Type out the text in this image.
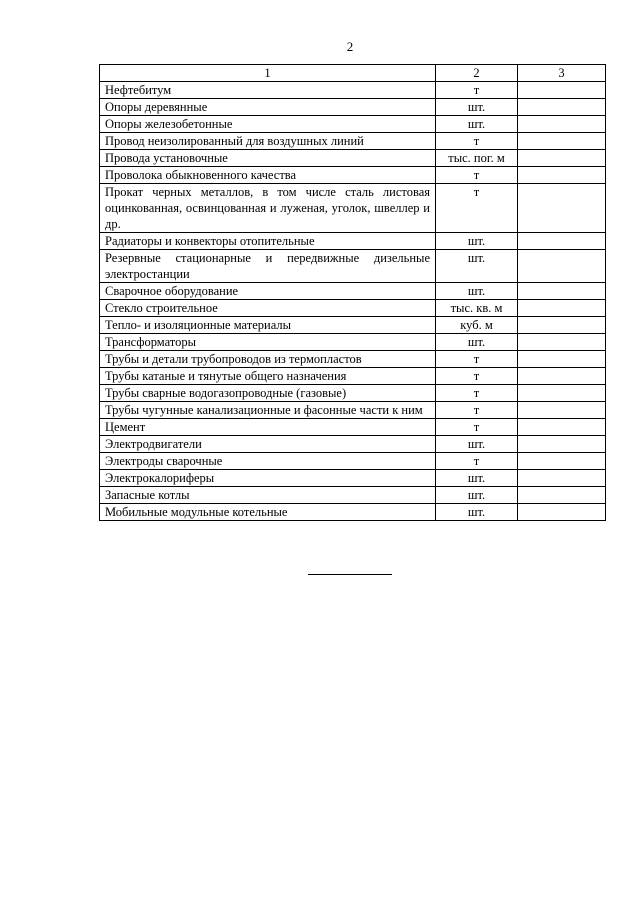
2
1	2	3
Нефтебитум	т	
Опоры деревянные	шт.	
Опоры железобетонные	шт.	
Провод неизолированный для воздушных линий	т	
Провода установочные	тыс. пог. м	
Проволока обыкновенного качества	т	
Прокат черных металлов, в том числе сталь листовая оцинкованная, освинцованная и луженая, уголок, швеллер и др.	т	
Радиаторы и конвекторы отопительные	шт.	
Резервные стационарные и передвижные дизельные электростанции	шт.	
Сварочное оборудование	шт.	
Стекло строительное	тыс. кв. м	
Тепло- и изоляционные материалы	куб. м	
Трансформаторы	шт.	
Трубы и детали трубопроводов из термопластов	т	
Трубы катаные и тянутые общего назначения	т	
Трубы сварные водогазопроводные (газовые)	т	
Трубы чугунные канализационные и фасонные части к ним	т	
Цемент	т	
Электродвигатели	шт.	
Электроды сварочные	т	
Электрокалориферы	шт.	
Запасные котлы	шт.	
Мобильные модульные котельные	шт.	
